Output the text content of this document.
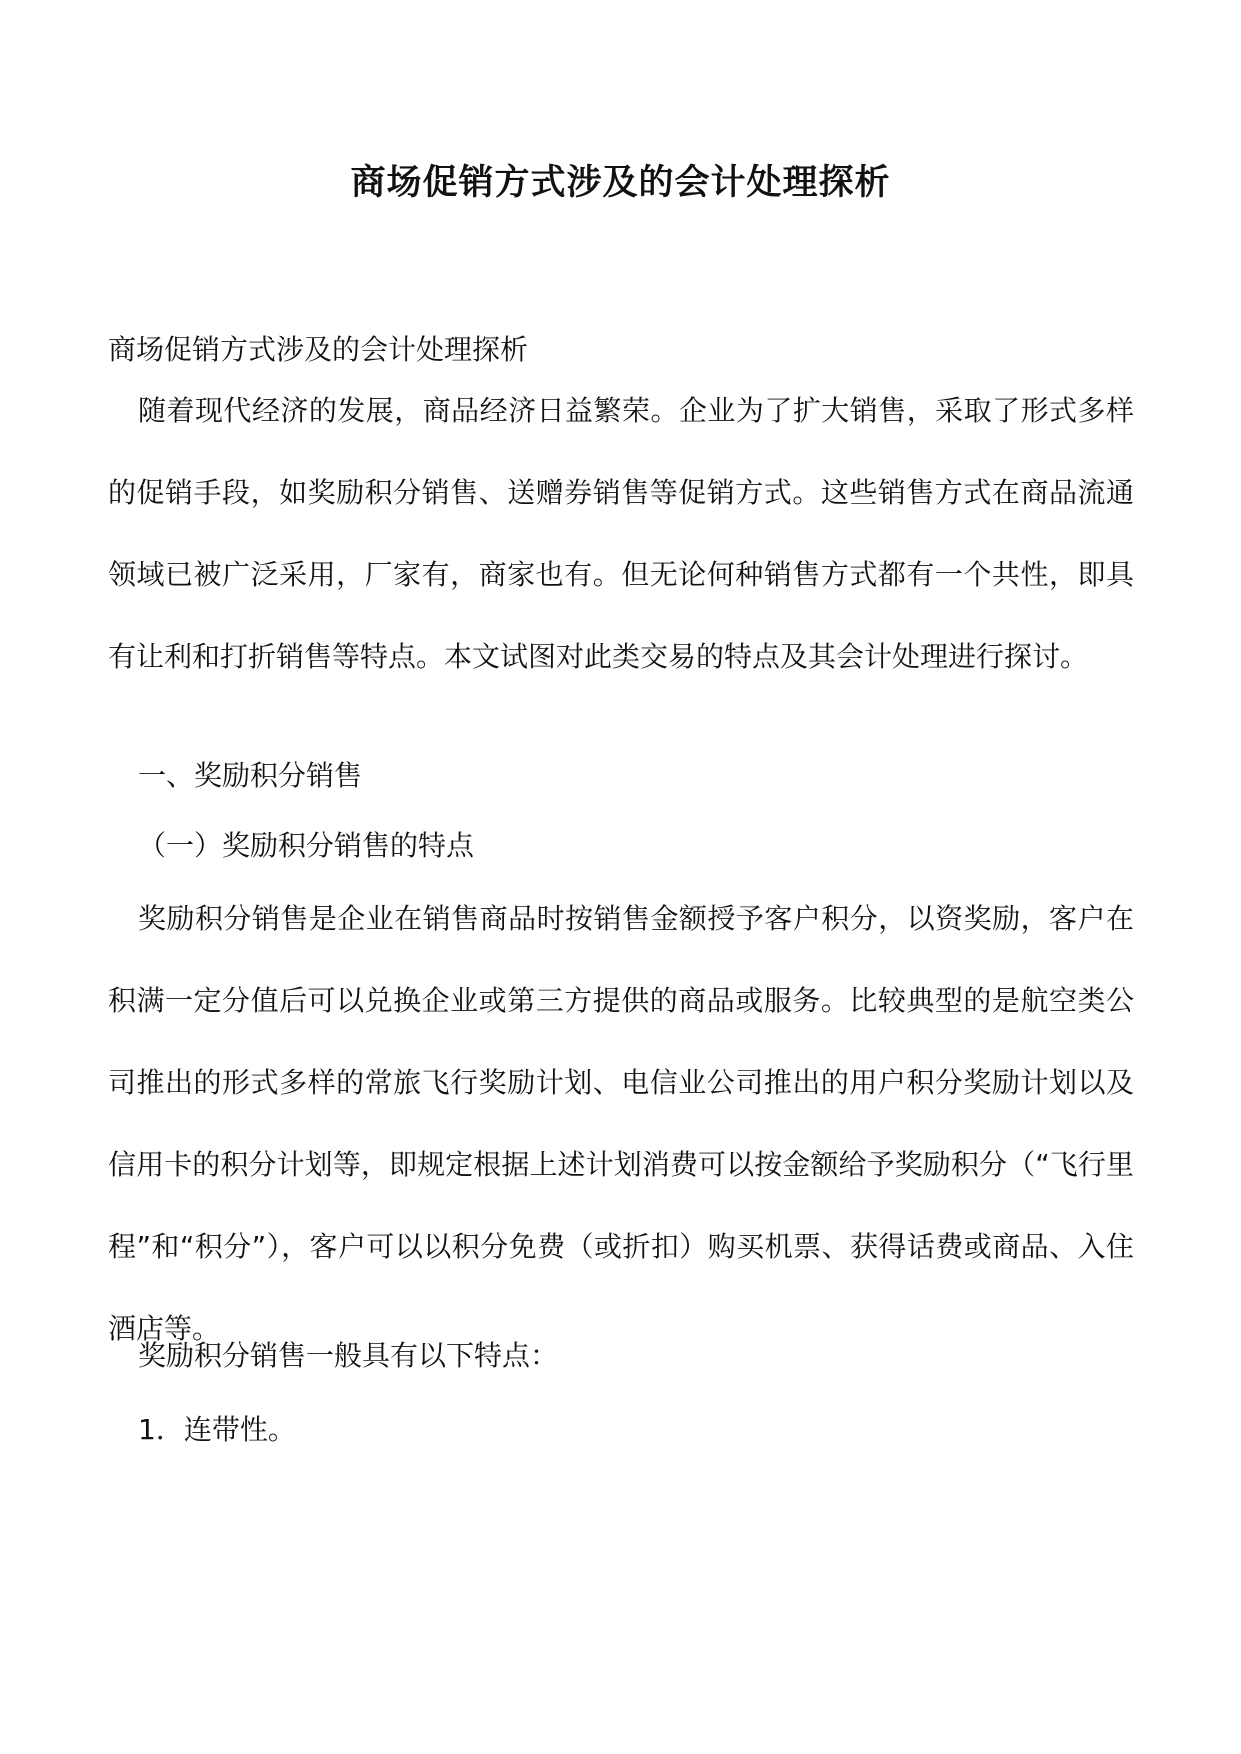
商场促销方式涉及的会计处理探析

商场促销方式涉及的会计处理探析

随着现代经济的发展，商品经济日益繁荣。企业为了扩大销售，采取了形式多样的促销手段，如奖励积分销售、送赠券销售等促销方式。这些销售方式在商品流通领域已被广泛采用，厂家有，商家也有。但无论何种销售方式都有一个共性，即具有让利和打折销售等特点。本文试图对此类交易的特点及其会计处理进行探讨。

一、奖励积分销售

（一）奖励积分销售的特点

奖励积分销售是企业在销售商品时按销售金额授予客户积分，以资奖励，客户在积满一定分值后可以兑换企业或第三方提供的商品或服务。比较典型的是航空类公司推出的形式多样的常旅飞行奖励计划、电信业公司推出的用户积分奖励计划以及信用卡的积分计划等，即规定根据上述计划消费可以按金额给予奖励积分（“飞行里程”和“积分”），客户可以以积分免费（或折扣）购买机票、获得话费或商品、入住酒店等。

奖励积分销售一般具有以下特点：

1．连带性。
